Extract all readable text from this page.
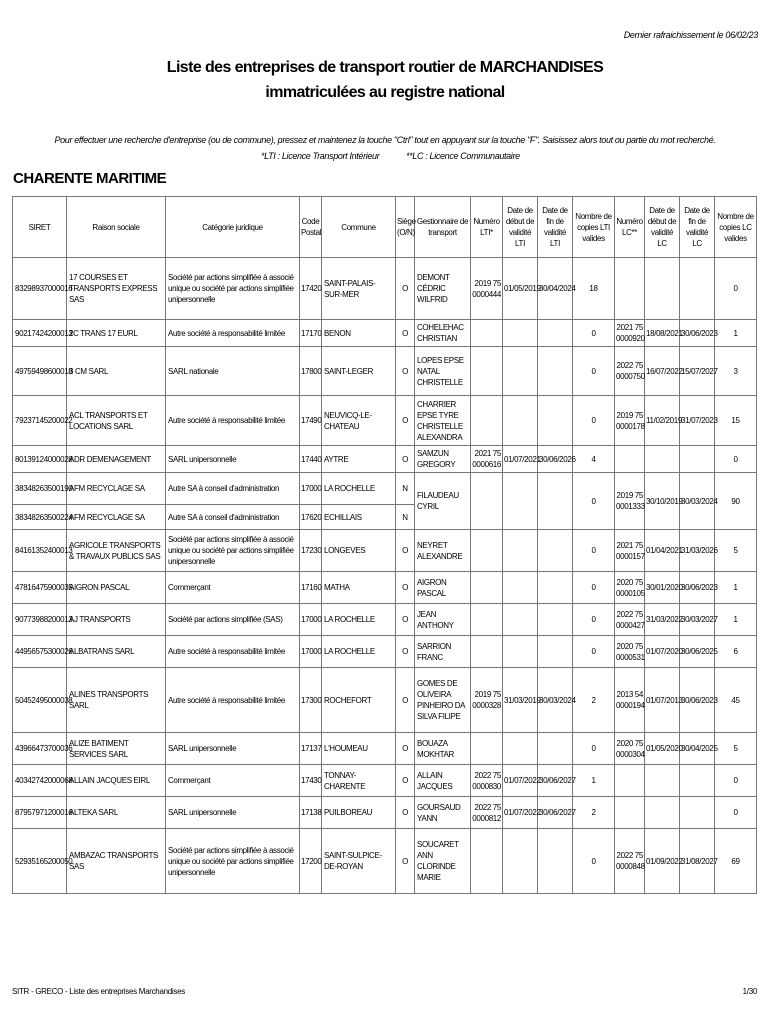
Dernier rafraichissement le 06/02/23
Liste des entreprises de transport routier de MARCHANDISES
immatriculées au registre national
Pour effectuer une recherche d'entreprise (ou de commune), pressez et maintenez la touche "Ctrl" tout en appuyant sur la touche "F". Saisissez alors tout ou partie du mot recherché.
*LTI : Licence Transport Intérieur	**LC : Licence Communautaire
CHARENTE MARITIME
SIRET	Raison sociale	Catégorie juridique	Code Postal	Commune	Siège (O/N)	Gestionnaire de transport	Numéro LTI*	Date de début de validité LTI	Date de fin de validité LTI	Nombre de copies LTI valides	Numéro LC**	Date de début de validité LC	Date de fin de validité LC	Nombre de copies LC valides
83298937000016	17 COURSES ET TRANSPORTS EXPRESS SAS	Société par actions simplifiée à associé unique ou société par actions simplifiée unipersonnelle	17420	SAINT-PALAIS-SUR-MER	O	DEMONT CÉDRIC WILFRID	2019 75 0000444	01/05/2019	30/04/2024	18				0
90217424200013	2C TRANS 17 EURL	Autre société à responsabilité limitée	17170	BENON	O	COHELEHAC CHRISTIAN				0	2021 75 0000920	18/08/2021	30/06/2023	1
49759498600018	3 CM SARL	SARL nationale	17800	SAINT-LEGER	O	LOPES EPSE NATAL CHRISTELLE				0	2022 75 0000750	16/07/2022	15/07/2027	3
79237145200022	ACL TRANSPORTS ET LOCATIONS SARL	Autre société à responsabilité limitée	17490	NEUVICQ-LE-CHATEAU	O	CHARRIER EPSE TYRE CHRISTELLE ALEXANDRA				0	2019 75 0000178	11/02/2019	31/07/2023	15
80139124000028	ADR DEMENAGEMENT	SARL unipersonnelle	17440	AYTRE	O	SAMZUN GREGORY	2021 75 0000616	01/07/2021	30/06/2026	4				0
38348263500190	AFM RECYCLAGE SA	Autre SA à conseil d'administration	17000	LA ROCHELLE	N	FILAUDEAU CYRIL				0	2019 75 0001333	30/10/2019	30/03/2024	90
38348263500224	AFM RECYCLAGE SA	Autre SA à conseil d'administration	17620	ECHILLAIS	N									
84161352400013	AGRICOLE TRANSPORTS & TRAVAUX PUBLICS SAS	Société par actions simplifiée à associé unique ou société par actions simplifiée unipersonnelle	17230	LONGEVES	O	NEYRET ALEXANDRE				0	2021 75 0000157	01/04/2021	31/03/2026	5
47816475900035	AIGRON PASCAL	Commerçant	17160	MATHA	O	AIGRON PASCAL				0	2020 75 0000105	30/01/2020	30/06/2023	1
90773988200013	AJ TRANSPORTS	Société par actions simplifiée (SAS)	17000	LA ROCHELLE	O	JEAN ANTHONY				0	2022 75 0000427	31/03/2022	30/03/2027	1
44956575300026	ALBATRANS SARL	Autre société à responsabilité limitée	17000	LA ROCHELLE	O	SARRION FRANC				0	2020 75 0000531	01/07/2020	30/06/2025	6
50452495000038	ALINES TRANSPORTS SARL	Autre société à responsabilité limitée	17300	ROCHEFORT	O	GOMES DE OLIVEIRA PINHEIRO DA SILVA FILIPE	2019 75 0000328	31/03/2019	30/03/2024	2	2013 54 0000194	01/07/2013	30/06/2023	45
43966473700036	ALIZE BATIMENT SERVICES SARL	SARL unipersonnelle	17137	L'HOUMEAU	O	BOUAZA MOKHTAR				0	2020 75 0000304	01/05/2020	30/04/2025	5
40342742000068	ALLAIN JACQUES EIRL	Commerçant	17430	TONNAY-CHARENTE	O	ALLAIN JACQUES	2022 75 0000830	01/07/2022	30/06/2027	1				0
87957971200016	ALTEKA SARL	SARL unipersonnelle	17138	PUILBOREAU	O	GOURSAUD YANN	2022 75 0000812	01/07/2022	30/06/2027	2				0
52935165200050	AMBAZAC TRANSPORTS SAS	Société par actions simplifiée à associé unique ou société par actions simplifiée unipersonnelle	17200	SAINT-SULPICE-DE-ROYAN	O	SOUCARET ANN CLORINDE MARIE				0	2022 75 0000848	01/09/2022	31/08/2027	69
SITR - GRECO - Liste des entreprises Marchandises	1/30
